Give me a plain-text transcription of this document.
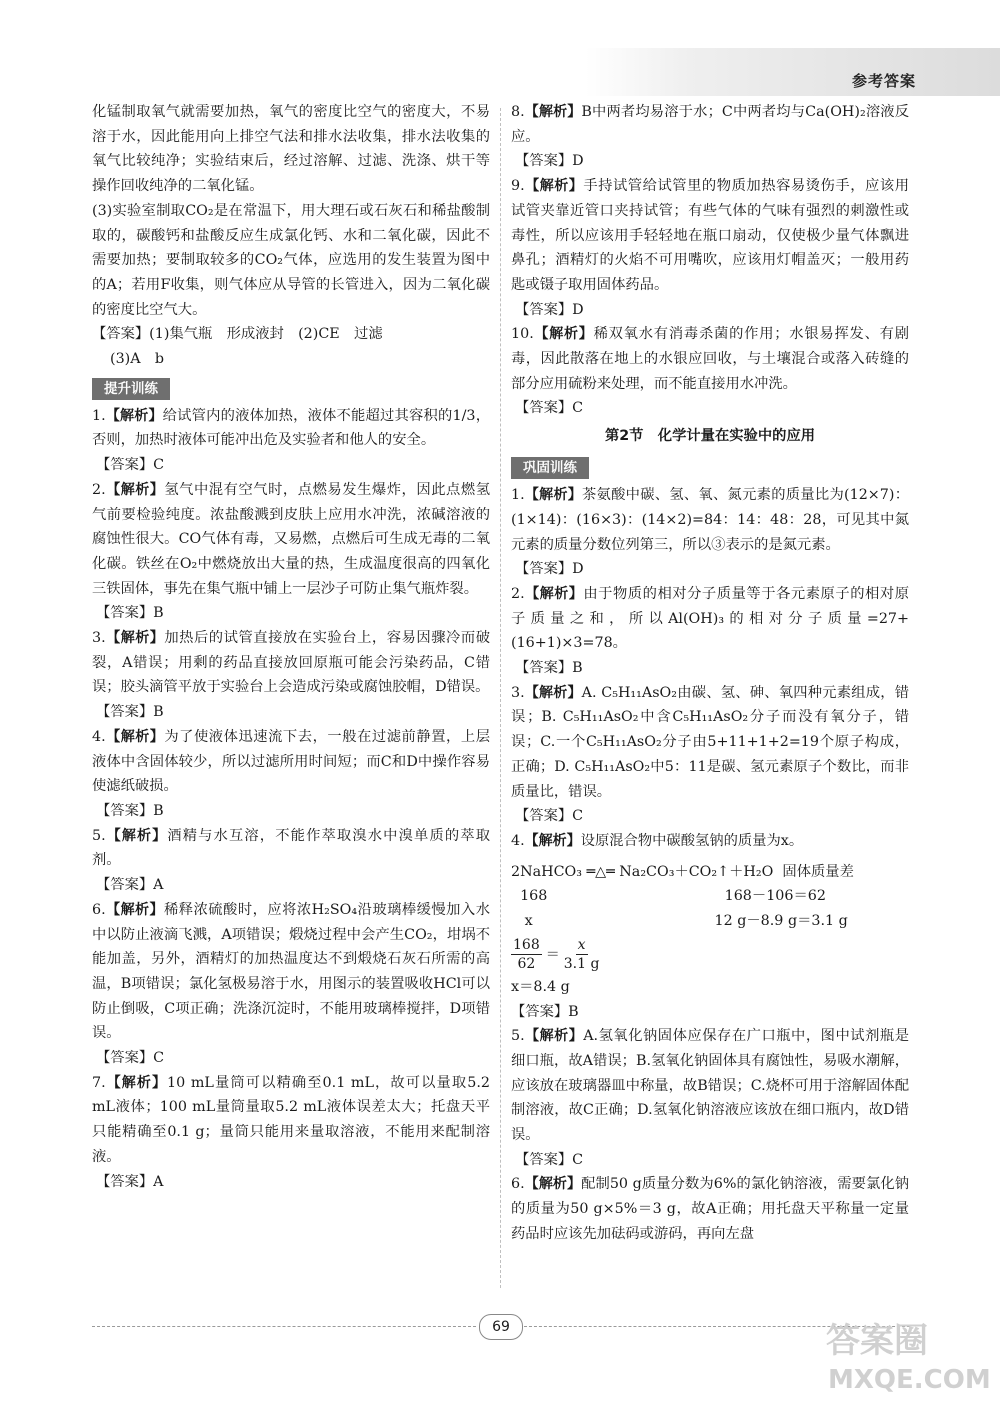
参考答案
化锰制取氧气就需要加热，氧气的密度比空气的密度大，不易溶于水，因此能用向上排空气法和排水法收集，排水法收集的氧气比较纯净；实验结束后，经过溶解、过滤、洗涤、烘干等操作回收纯净的二氧化锰。
(3)实验室制取CO₂是在常温下，用大理石或石灰石和稀盐酸制取的，碳酸钙和盐酸反应生成氯化钙、水和二氧化碳，因此不需要加热；要制取较多的CO₂气体，应选用的发生装置为图中的A；若用F收集，则气体应从导管的长管进入，因为二氧化碳的密度比空气大。
【答案】(1)集气瓶　形成液封　(2)CE　过滤
(3)A　b
提升训练
1.【解析】给试管内的液体加热，液体不能超过其容积的1/3，否则，加热时液体可能冲出危及实验者和他人的安全。
【答案】C
2.【解析】氢气中混有空气时，点燃易发生爆炸，因此点燃氢气前要检验纯度。浓盐酸溅到皮肤上应用水冲洗，浓碱溶液的腐蚀性很大。CO气体有毒，又易燃，点燃后可生成无毒的二氧化碳。铁丝在O₂中燃烧放出大量的热，生成温度很高的四氧化三铁固体，事先在集气瓶中铺上一层沙子可防止集气瓶炸裂。
【答案】B
3.【解析】加热后的试管直接放在实验台上，容易因骤冷而破裂，A错误；用剩的药品直接放回原瓶可能会污染药品，C错误；胶头滴管平放于实验台上会造成污染或腐蚀胶帽，D错误。
【答案】B
4.【解析】为了使液体迅速流下去，一般在过滤前静置，上层液体中含固体较少，所以过滤所用时间短；而C和D中操作容易使滤纸破损。
【答案】B
5.【解析】酒精与水互溶，不能作萃取溴水中溴单质的萃取剂。
【答案】A
6.【解析】稀释浓硫酸时，应将浓H₂SO₄沿玻璃棒缓慢加入水中以防止液滴飞溅，A项错误；煅烧过程中会产生CO₂，坩埚不能加盖，另外，酒精灯的加热温度达不到煅烧石灰石所需的高温，B项错误；氯化氢极易溶于水，用图示的装置吸收HCl可以防止倒吸，C项正确；洗涤沉淀时，不能用玻璃棒搅拌，D项错误。
【答案】C
7.【解析】10 mL量筒可以精确至0.1 mL，故可以量取5.2 mL液体；100 mL量筒量取5.2 mL液体误差太大；托盘天平只能精确至0.1 g；量筒只能用来量取溶液，不能用来配制溶液。
【答案】A
8.【解析】B中两者均易溶于水；C中两者均与Ca(OH)₂溶液反应。
【答案】D
9.【解析】手持试管给试管里的物质加热容易烫伤手，应该用试管夹靠近管口夹持试管；有些气体的气味有强烈的刺激性或毒性，所以应该用手轻轻地在瓶口扇动，仅使极少量气体飘进鼻孔；酒精灯的火焰不可用嘴吹，应该用灯帽盖灭；一般用药匙或镊子取用固体药品。
【答案】D
10.【解析】稀双氧水有消毒杀菌的作用；水银易挥发、有剧毒，因此散落在地上的水银应回收，与土壤混合或落入砖缝的部分应用硫粉来处理，而不能直接用水冲洗。
【答案】C
第2节　化学计量在实验中的应用
巩固训练
1.【解析】茶氨酸中碳、氢、氧、氮元素的质量比为(12×7)：(1×14)：(16×3)：(14×2)=84：14：48：28，可见其中氮元素的质量分数位列第三，所以③表示的是氮元素。
【答案】D
2.【解析】由于物质的相对分子质量等于各元素原子的相对原子质量之和，所以Al(OH)₃的相对分子质量=27+(16+1)×3=78。
【答案】B
3.【解析】A. C₅H₁₁AsO₂由碳、氢、砷、氧四种元素组成，错误；B. C₅H₁₁AsO₂中含C₅H₁₁AsO₂分子而没有氧分子，错误；C.一个C₅H₁₁AsO₂分子由5+11+1+2=19个原子构成，正确；D. C₅H₁₁AsO₂中5：11是碳、氢元素原子个数比，而非质量比，错误。
【答案】C
4.【解析】设原混合物中碳酸氢钠的质量为x。
2NaHCO₃ ═△═ Na₂CO₃＋CO₂↑＋H₂O  固体质量差
168                                       168－106＝62
x                                        12 g－8.9 g＝3.1 g
$\frac{168}{62} = \frac{x}{3.1 g}$
x＝8.4 g
【答案】B
5.【解析】A.氢氧化钠固体应保存在广口瓶中，图中试剂瓶是细口瓶，故A错误；B.氢氧化钠固体具有腐蚀性，易吸水潮解，应该放在玻璃器皿中称量，故B错误；C.烧杯可用于溶解固体配制溶液，故C正确；D.氢氧化钠溶液应该放在细口瓶内，故D错误。
【答案】C
6.【解析】配制50 g质量分数为6%的氯化钠溶液，需要氯化钠的质量为50 g×5%＝3 g，故A正确；用托盘天平称量一定量药品时应该先加砝码或游码，再向左盘
69	答案圈
MXQE.COM
